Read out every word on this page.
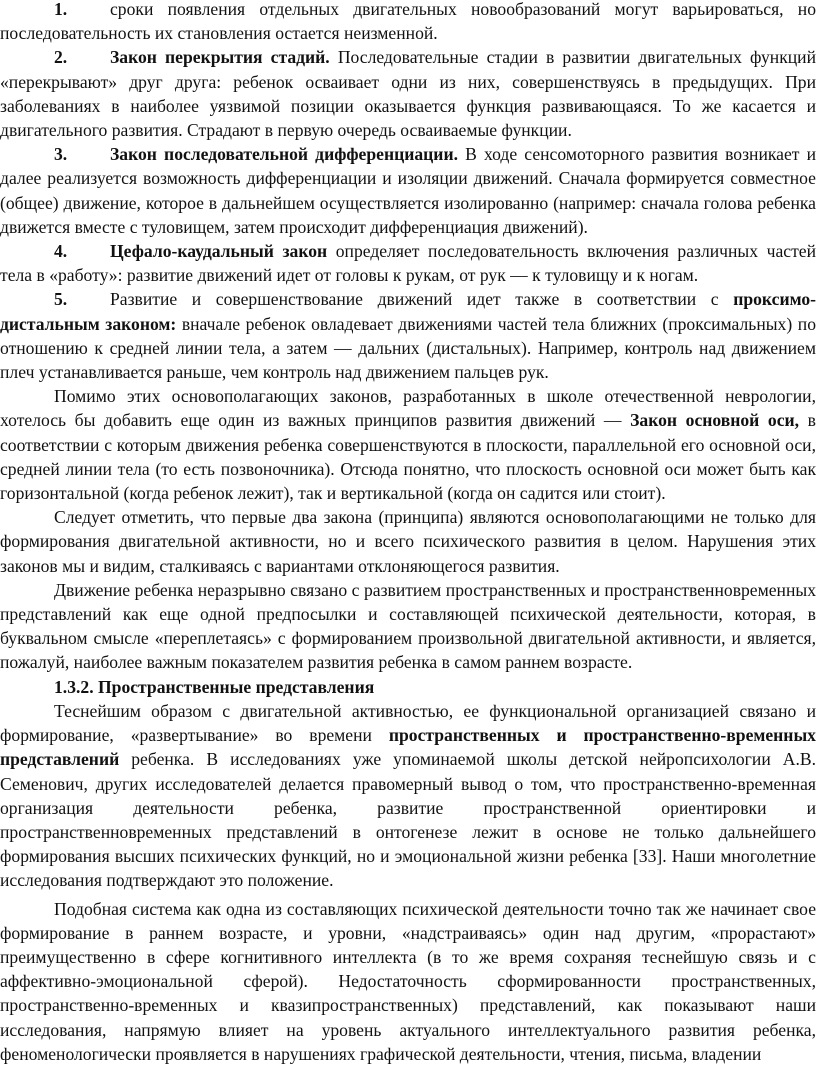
1. сроки появления отдельных двигательных новообразований могут варьироваться, но последовательность их становления остается неизменной.

2. Закон перекрытия стадий. Последовательные стадии в развитии двигательных функций «перекрывают» друг друга: ребенок осваивает одни из них, совершенствуясь в предыдущих. При заболеваниях в наиболее уязвимой позиции оказывается функция развивающаяся. То же касается и двигательного развития. Страдают в первую очередь осваиваемые функции.

3. Закон последовательной дифференциации. В ходе сенсомоторного развития возникает и далее реализуется возможность дифференциации и изоляции движений. Сначала формируется совместное (общее) движение, которое в дальнейшем осуществляется изолированно (например: сначала голова ребенка движется вместе с туловищем, затем происходит дифференциация движений).

4. Цефало-каудальный закон определяет последовательность включения различных частей тела в «работу»: развитие движений идет от головы к рукам, от рук — к туловищу и к ногам.

5. Развитие и совершенствование движений идет также в соответствии с проксимо-дистальным законом: вначале ребенок овладевает движениями частей тела ближних (проксимальных) по отношению к средней линии тела, а затем — дальних (дистальных). Например, контроль над движением плеч устанавливается раньше, чем контроль над движением пальцев рук.

Помимо этих основополагающих законов, разработанных в школе отечественной неврологии, хотелось бы добавить еще один из важных принципов развития движений — Закон основной оси, в соответствии с которым движения ребенка совершенствуются в плоскости, параллельной его основной оси, средней линии тела (то есть позвоночника). Отсюда понятно, что плоскость основной оси может быть как горизонтальной (когда ребенок лежит), так и вертикальной (когда он садится или стоит).

Следует отметить, что первые два закона (принципа) являются основополагающими не только для формирования двигательной активности, но и всего психического развития в целом. Нарушения этих законов мы и видим, сталкиваясь с вариантами отклоняющегося развития.

Движение ребенка неразрывно связано с развитием пространственных и пространственновременных представлений как еще одной предпосылки и составляющей психической деятельности, которая, в буквальном смысле «переплетаясь» с формированием произвольной двигательной активности, и является, пожалуй, наиболее важным показателем развития ребенка в самом раннем возрасте.

1.3.2. Пространственные представления

Теснейшим образом с двигательной активностью, ее функциональной организацией связано и формирование, «развертывание» во времени пространственных и пространственно-временных представлений ребенка. В исследованиях уже упоминаемой школы детской нейропсихологии А.В. Семенович, других исследователей делается правомерный вывод о том, что пространственно-временная организация деятельности ребенка, развитие пространственной ориентировки и пространственновременных представлений в онтогенезе лежит в основе не только дальнейшего формирования высших психических функций, но и эмоциональной жизни ребенка [33]. Наши многолетние исследования подтверждают это положение.

Подобная система как одна из составляющих психической деятельности точно так же начинает свое формирование в раннем возрасте, и уровни, «надстраиваясь» один над другим, «прорастают» преимущественно в сфере когнитивного интеллекта (в то же время сохраняя теснейшую связь и с аффективно-эмоциональной сферой). Недостаточность сформированности пространственных, пространственно-временных и квазипространственных) представлений, как показывают наши исследования, напрямую влияет на уровень актуального интеллектуального развития ребенка, феноменологически проявляется в нарушениях графической деятельности, чтения, письма, владении
